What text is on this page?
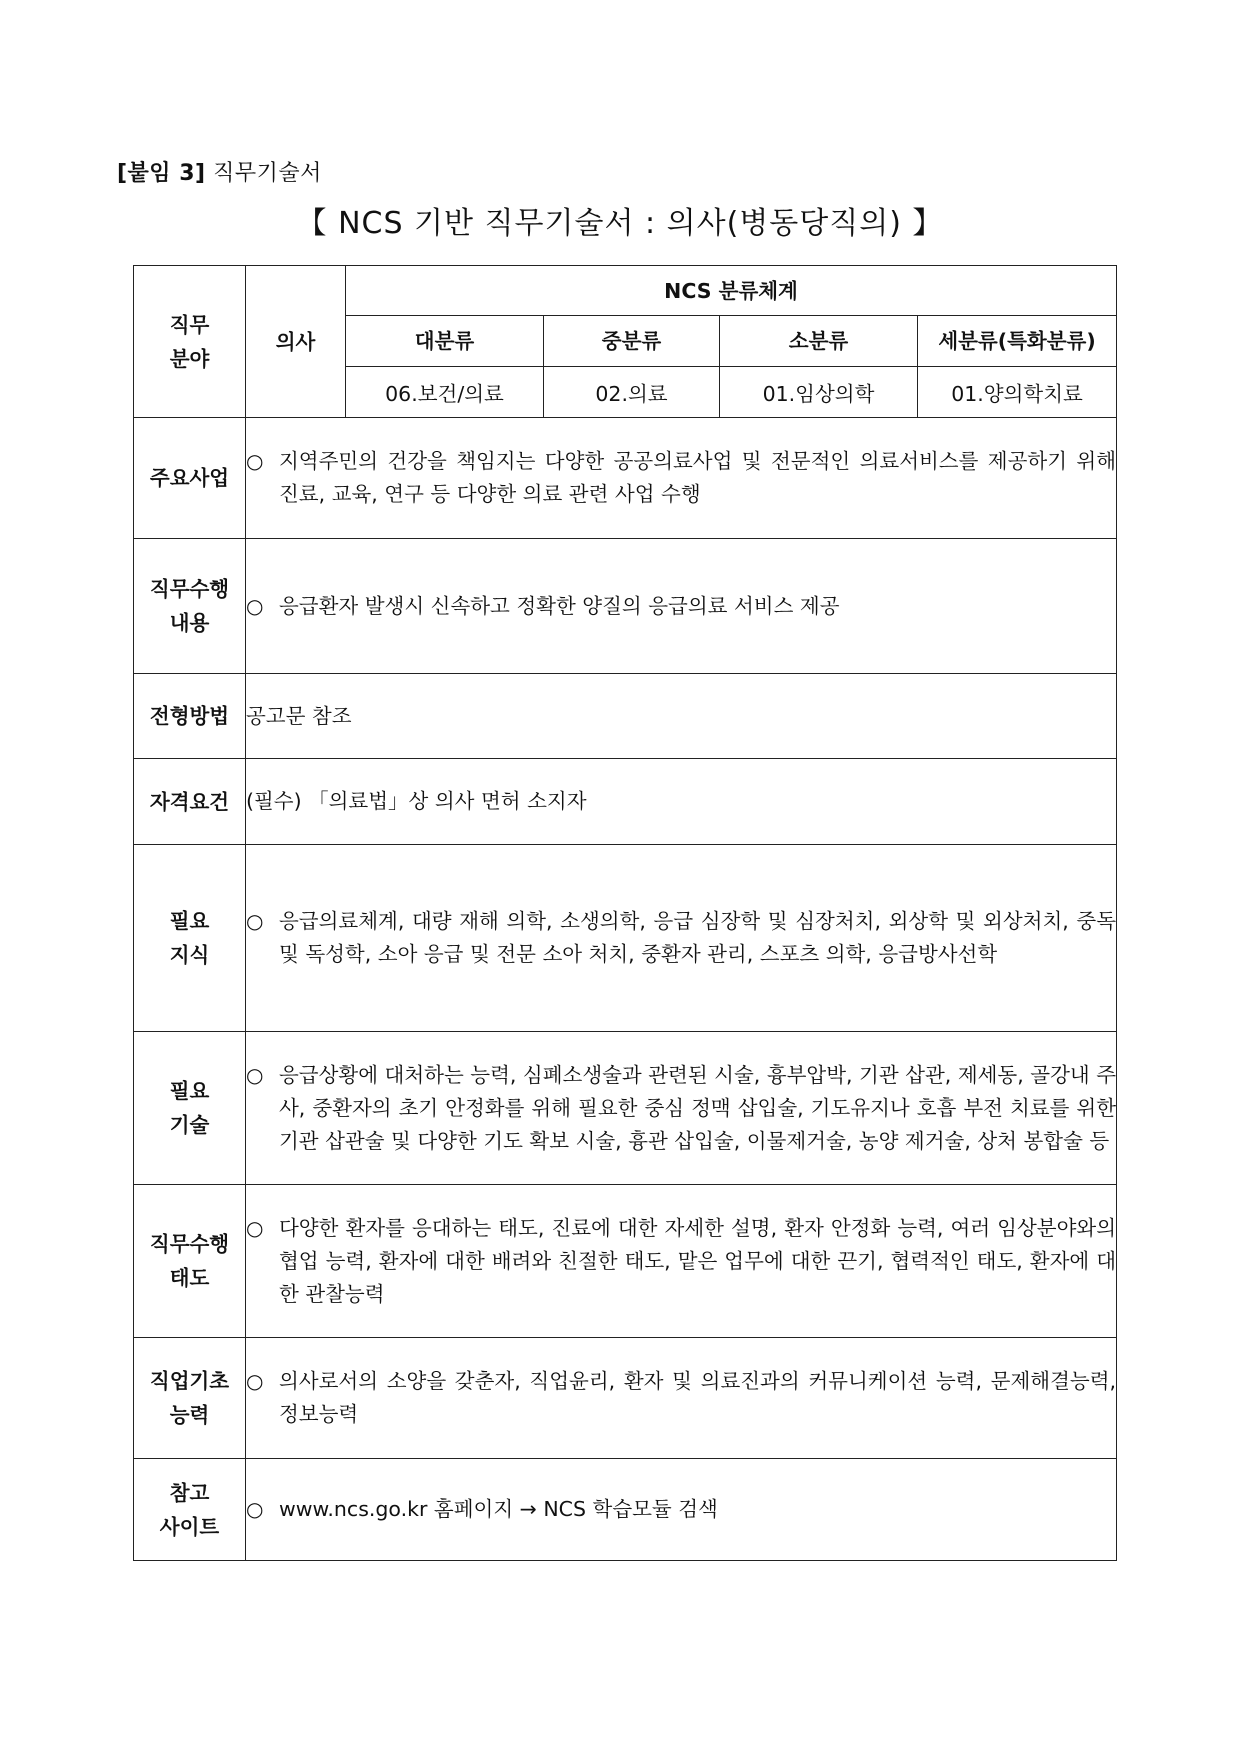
[붙임 3] 직무기술서
【 NCS 기반 직무기술서 : 의사(병동당직의) 】
직무
분야	의사	NCS 분류체계			
		대분류	중분류	소분류	세분류(특화분류)
		06.보건/의료	02.의료	01.임상의학	01.양의학치료
주요사업	○ 지역주민의 건강을 책임지는 다양한 공공의료사업 및 전문적인 의료서비스를 제공하기 위해 진료, 교육, 연구 등 다양한 의료 관련 사업 수행				

직무수행
내용	○ 응급환자 발생시 신속하고 정확한 양질의 응급의료 서비스 제공				

전형방법	공고문 참조				

자격요건	(필수) 「의료법」상 의사 면허 소지자				

필요
지식	○ 응급의료체계, 대량 재해 의학, 소생의학, 응급 심장학 및 심장처치, 외상학 및 외상처치, 중독 및 독성학, 소아 응급 및 전문 소아 처치, 중환자 관리, 스포츠 의학, 응급방사선학				

필요
기술	○ 응급상황에 대처하는 능력, 심폐소생술과 관련된 시술, 흉부압박, 기관 삽관, 제세동, 골강내 주사, 중환자의 초기 안정화를 위해 필요한 중심 정맥 삽입술, 기도유지나 호흡 부전 치료를 위한 기관 삽관술 및 다양한 기도 확보 시술, 흉관 삽입술, 이물제거술, 농양 제거술, 상처 봉합술 등				

직무수행
태도	○ 다양한 환자를 응대하는 태도, 진료에 대한 자세한 설명, 환자 안정화 능력, 여러 임상분야와의 협업 능력, 환자에 대한 배려와 친절한 태도, 맡은 업무에 대한 끈기, 협력적인 태도, 환자에 대한 관찰능력				

직업기초
능력	○ 의사로서의 소양을 갖춘자, 직업윤리, 환자 및 의료진과의 커뮤니케이션 능력, 문제해결능력, 정보능력				

참고
사이트	○ www.ncs.go.kr 홈페이지 → NCS 학습모듈 검색				
